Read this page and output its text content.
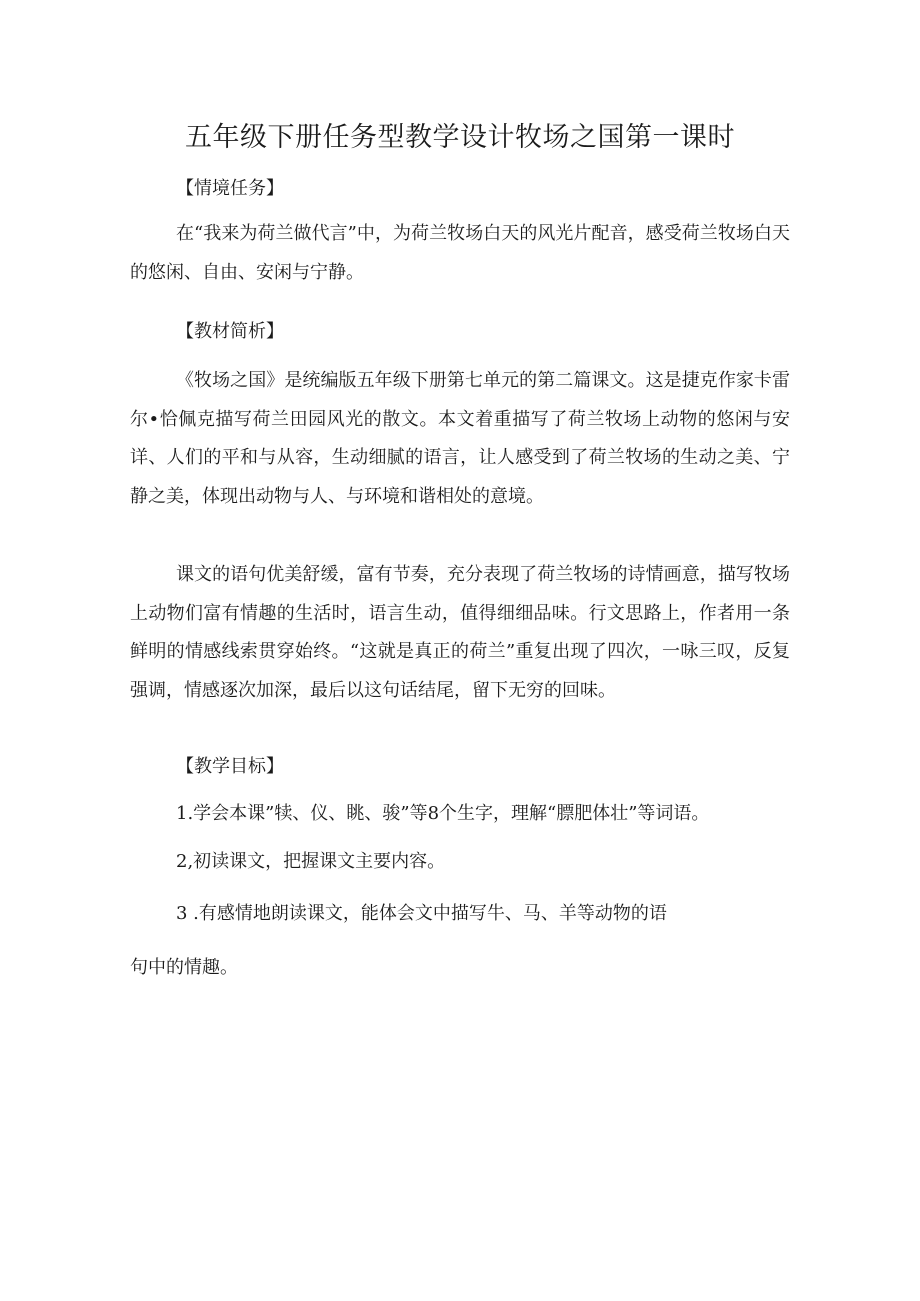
五年级下册任务型教学设计牧场之国第一课时

【情境任务】

在“我来为荷兰做代言”中，为荷兰牧场白天的风光片配音，感受荷兰牧场白天的悠闲、自由、安闲与宁静。

【教材简析】

《牧场之国》是统编版五年级下册第七单元的第二篇课文。这是捷克作家卡雷尔•恰佩克描写荷兰田园风光的散文。本文着重描写了荷兰牧场上动物的悠闲与安详、人们的平和与从容，生动细腻的语言，让人感受到了荷兰牧场的生动之美、宁静之美，体现出动物与人、与环境和谐相处的意境。

课文的语句优美舒缓，富有节奏，充分表现了荷兰牧场的诗情画意，描写牧场上动物们富有情趣的生活时，语言生动，值得细细品味。行文思路上，作者用一条鲜明的情感线索贯穿始终。“这就是真正的荷兰”重复出现了四次，一咏三叹，反复强调，情感逐次加深，最后以这句话结尾，留下无穷的回味。

【教学目标】

1.学会本课”犊、仪、眺、骏”等8个生字，理解“膘肥体壮”等词语。

2,初读课文，把握课文主要内容。

3 .有感情地朗读课文，能体会文中描写牛、马、羊等动物的语

句中的情趣。
